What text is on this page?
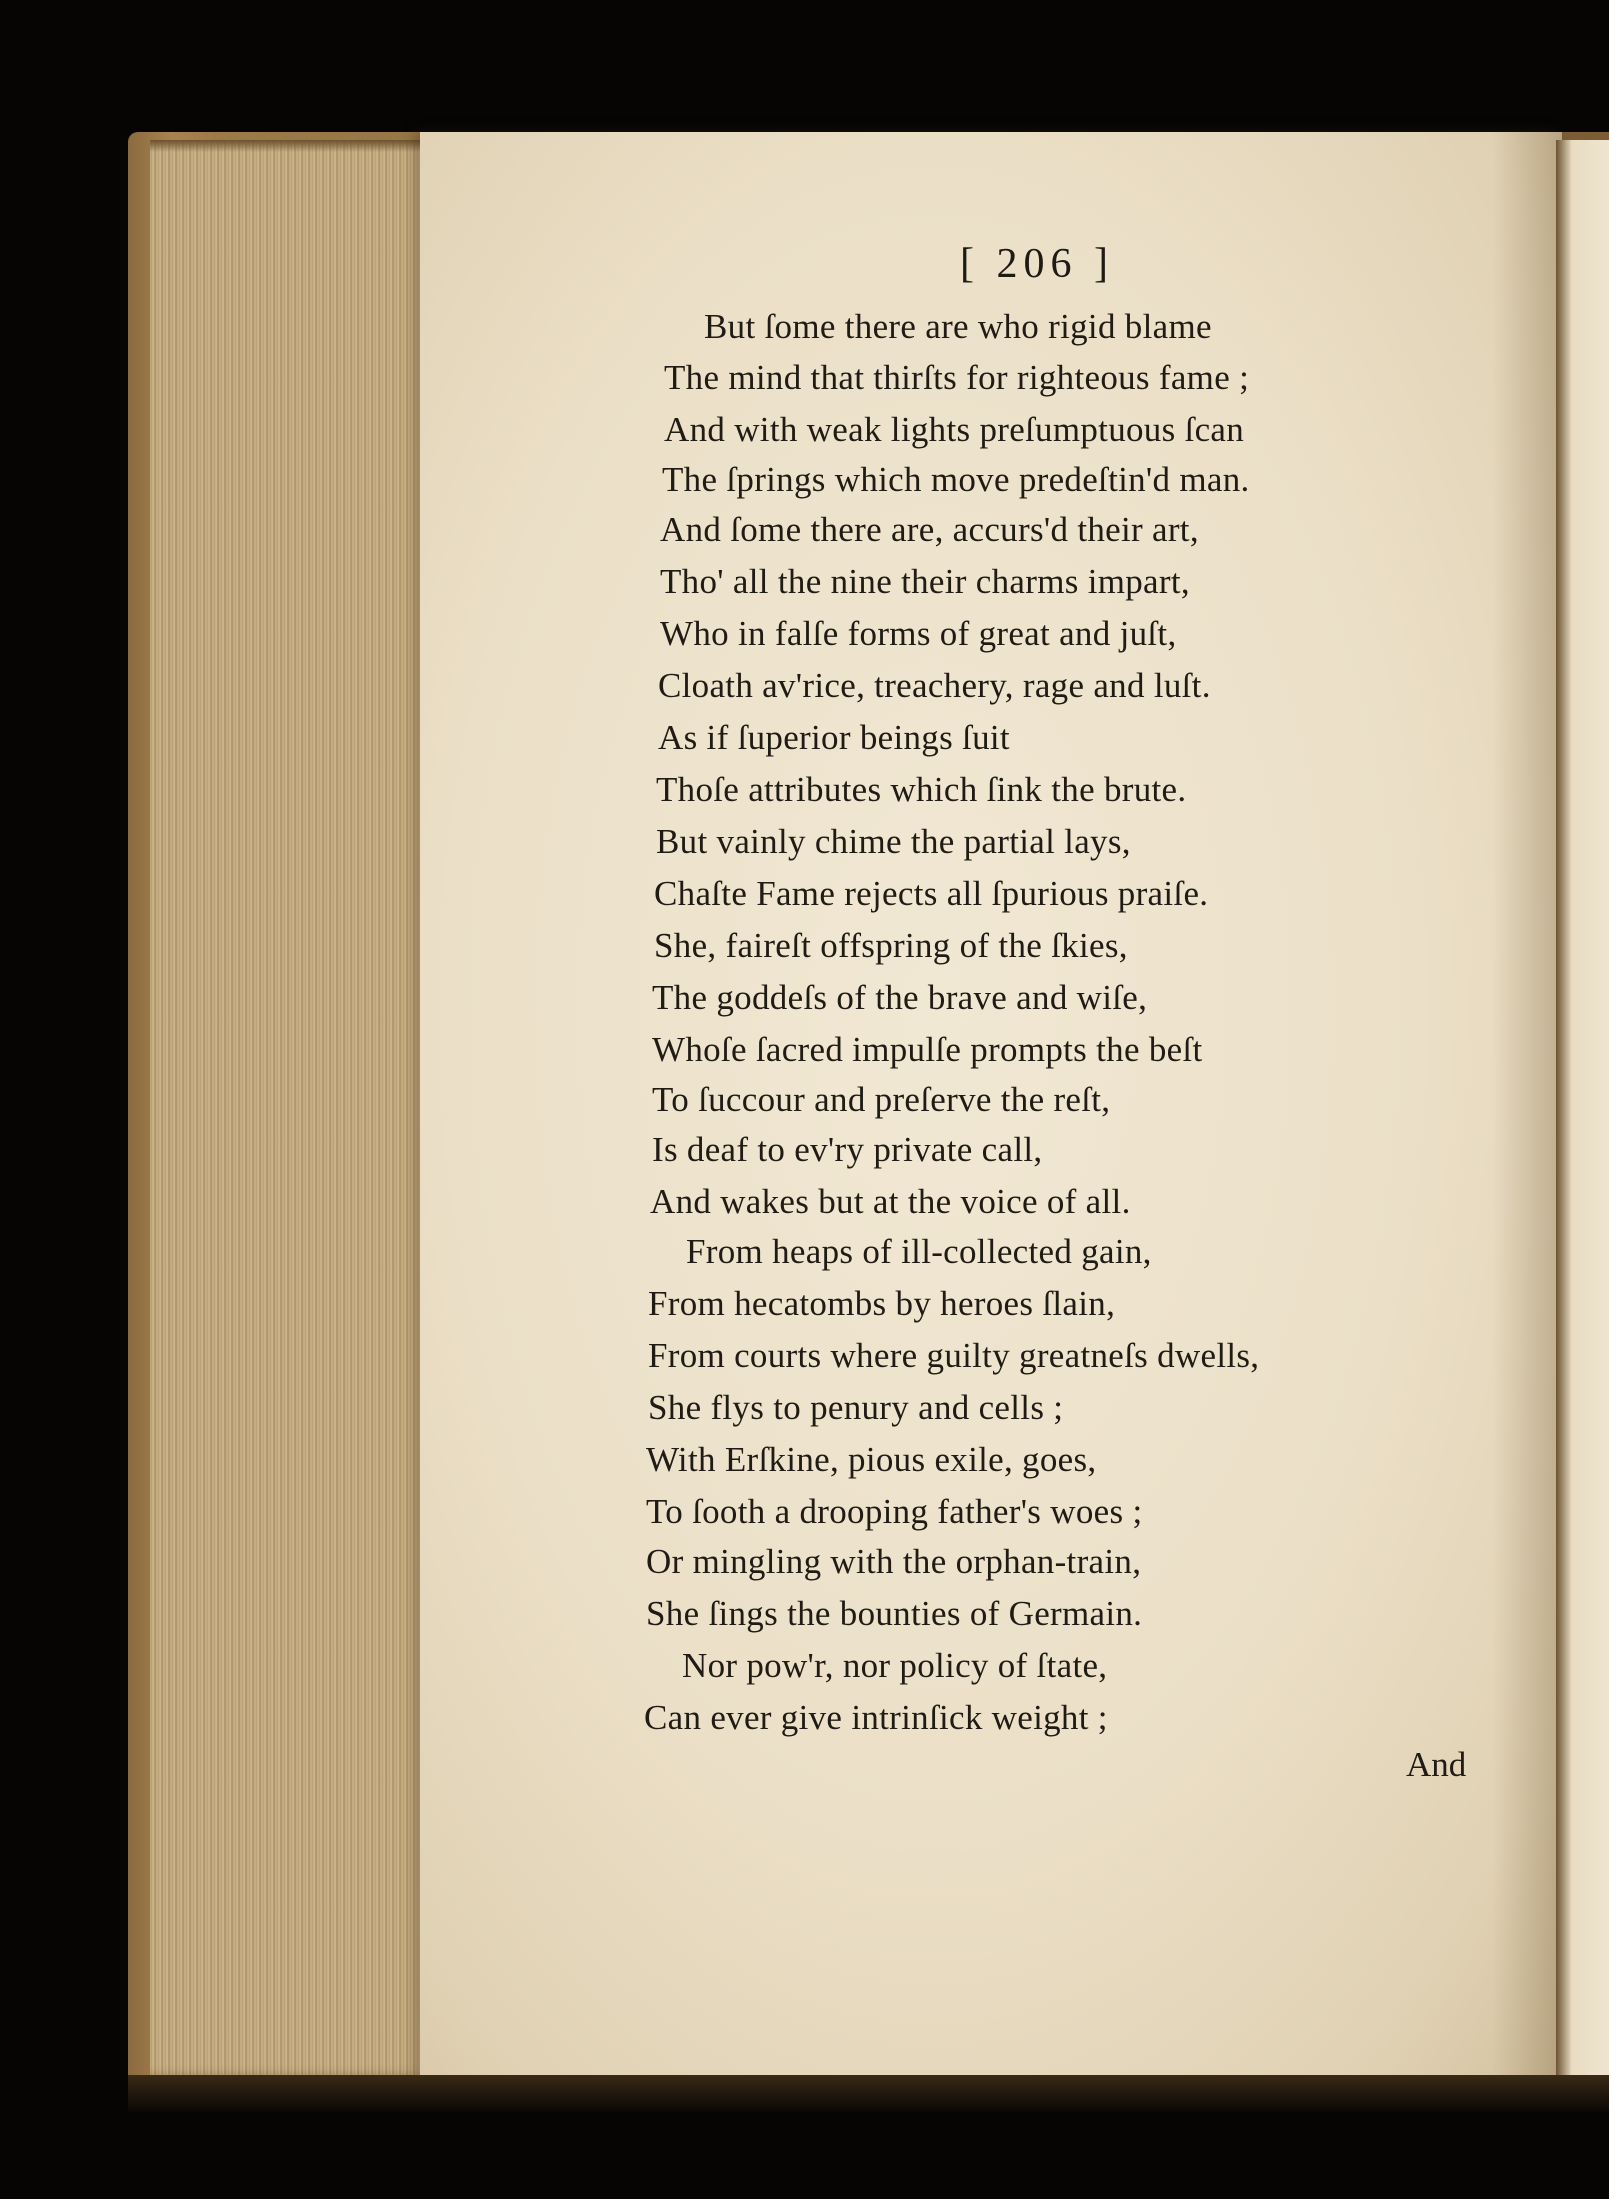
[ 206 ]
But ſome there are who rigid blame
The mind that thirſts for righteous fame ;
And with weak lights preſumptuous ſcan
The ſprings which move predeſtin'd man.
And ſome there are, accurs'd their art,
Tho' all the nine their charms impart,
Who in falſe forms of great and juſt,
Cloath av'rice, treachery, rage and luſt.
As if ſuperior beings ſuit
Thoſe attributes which ſink the brute.
But vainly chime the partial lays,
Chaſte Fame rejects all ſpurious praiſe.
She, faireſt offspring of the ſkies,
The goddeſs of the brave and wiſe,
Whoſe ſacred impulſe prompts the beſt
To ſuccour and preſerve the reſt,
Is deaf to ev'ry private call,
And wakes but at the voice of all.
From heaps of ill-collected gain,
From hecatombs by heroes ſlain,
From courts where guilty greatneſs dwells,
She flys to penury and cells ;
With Erſkine, pious exile, goes,
To ſooth a drooping father's woes ;
Or mingling with the orphan-train,
She ſings the bounties of Germain.
Nor pow'r, nor policy of ſtate,
Can ever give intrinſick weight ;
And
